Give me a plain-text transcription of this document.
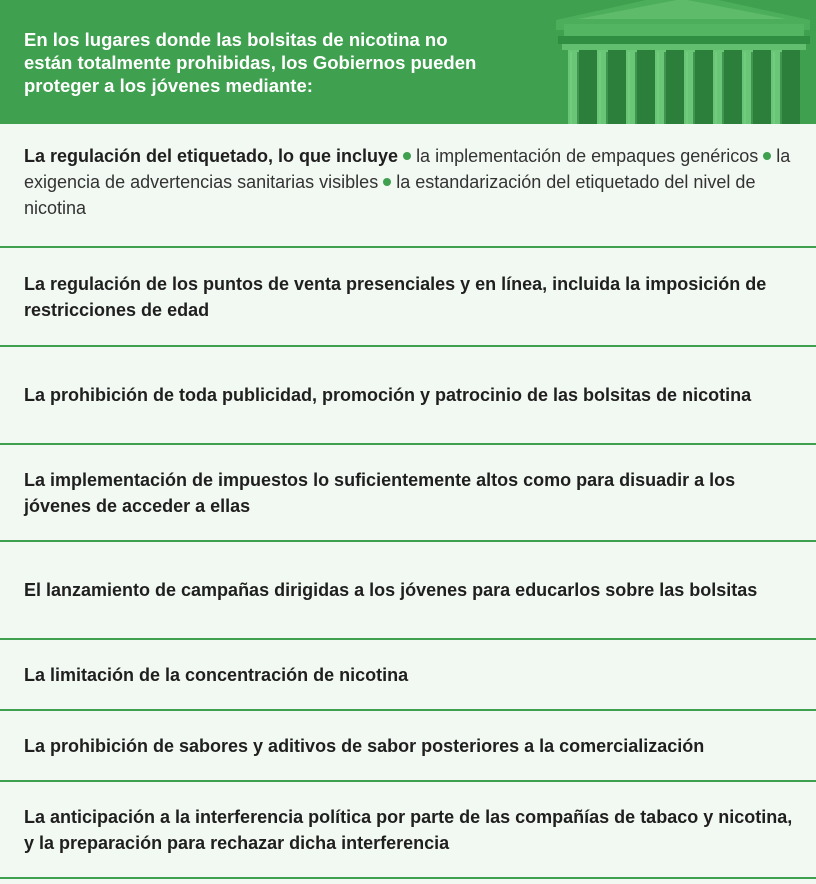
En los lugares donde las bolsitas de nicotina no
están totalmente prohibidas, los Gobiernos pueden
proteger a los jóvenes mediante:

La regulación del etiquetado, lo que incluye la implementación de empaques genéricos la exigencia de advertencias sanitarias visibles la estandarización del etiquetado del nivel de nicotina

La regulación de los puntos de venta presenciales y en línea, incluida la imposición de restricciones de edad

La prohibición de toda publicidad, promoción y patrocinio de las bolsitas de nicotina

La implementación de impuestos lo suficientemente altos como para disuadir a los jóvenes de acceder a ellas

El lanzamiento de campañas dirigidas a los jóvenes para educarlos sobre las bolsitas

La limitación de la concentración de nicotina

La prohibición de sabores y aditivos de sabor posteriores a la comercialización

La anticipación a la interferencia política por parte de las compañías de tabaco y nicotina, y la preparación para rechazar dicha interferencia
